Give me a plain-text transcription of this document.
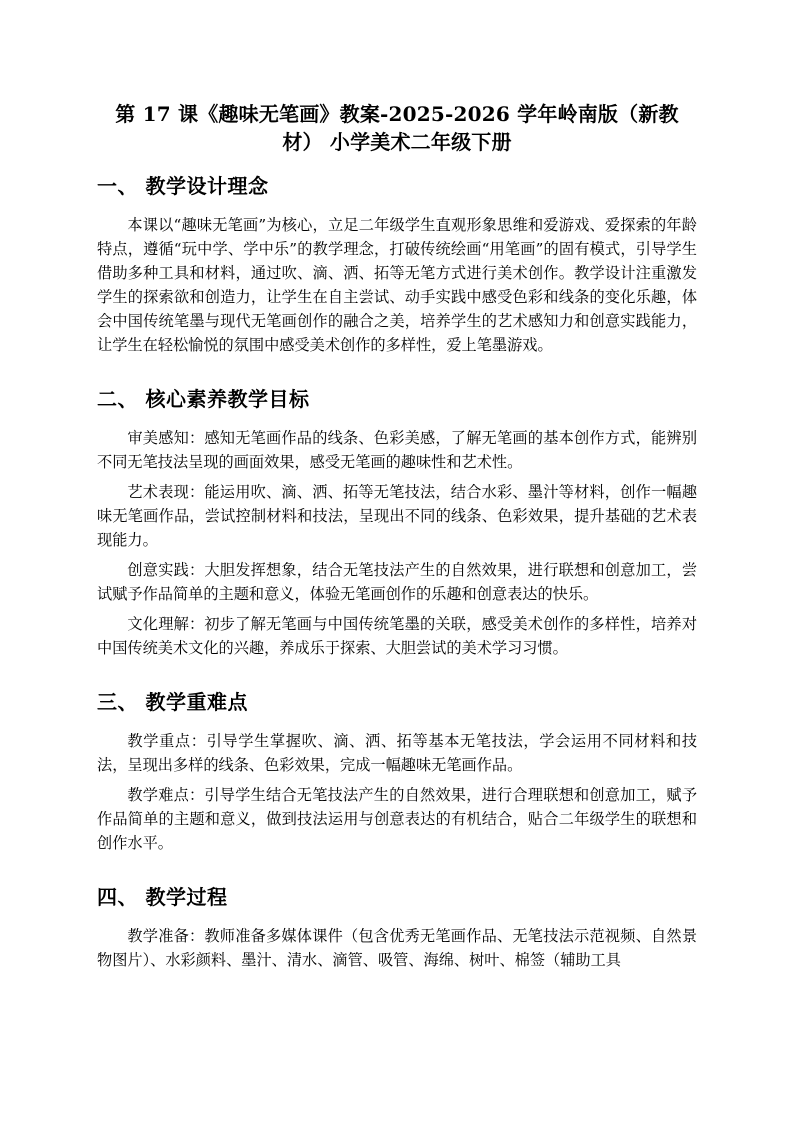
第 17 课《趣味无笔画》教案-2025-2026 学年岭南版（新教材） 小学美术二年级下册
一、 教学设计理念

本课以“趣味无笔画”为核心，立足二年级学生直观形象思维和爱游戏、爱探索的年龄特点，遵循“玩中学、学中乐”的教学理念，打破传统绘画“用笔画”的固有模式，引导学生借助多种工具和材料，通过吹、滴、洒、拓等无笔方式进行美术创作。教学设计注重激发学生的探索欲和创造力，让学生在自主尝试、动手实践中感受色彩和线条的变化乐趣，体会中国传统笔墨与现代无笔画创作的融合之美，培养学生的艺术感知力和创意实践能力，让学生在轻松愉悦的氛围中感受美术创作的多样性，爱上笔墨游戏。

二、 核心素养教学目标

审美感知：感知无笔画作品的线条、色彩美感，了解无笔画的基本创作方式，能辨别不同无笔技法呈现的画面效果，感受无笔画的趣味性和艺术性。

艺术表现：能运用吹、滴、洒、拓等无笔技法，结合水彩、墨汁等材料，创作一幅趣味无笔画作品，尝试控制材料和技法，呈现出不同的线条、色彩效果，提升基础的艺术表现能力。

创意实践：大胆发挥想象，结合无笔技法产生的自然效果，进行联想和创意加工，尝试赋予作品简单的主题和意义，体验无笔画创作的乐趣和创意表达的快乐。

文化理解：初步了解无笔画与中国传统笔墨的关联，感受美术创作的多样性，培养对中国传统美术文化的兴趣，养成乐于探索、大胆尝试的美术学习习惯。

三、 教学重难点

教学重点：引导学生掌握吹、滴、洒、拓等基本无笔技法，学会运用不同材料和技法，呈现出多样的线条、色彩效果，完成一幅趣味无笔画作品。

教学难点：引导学生结合无笔技法产生的自然效果，进行合理联想和创意加工，赋予作品简单的主题和意义，做到技法运用与创意表达的有机结合，贴合二年级学生的联想和创作水平。

四、 教学过程

教学准备：教师准备多媒体课件（包含优秀无笔画作品、无笔技法示范视频、自然景物图片）、水彩颜料、墨汁、清水、滴管、吸管、海绵、树叶、棉签（辅助工具
